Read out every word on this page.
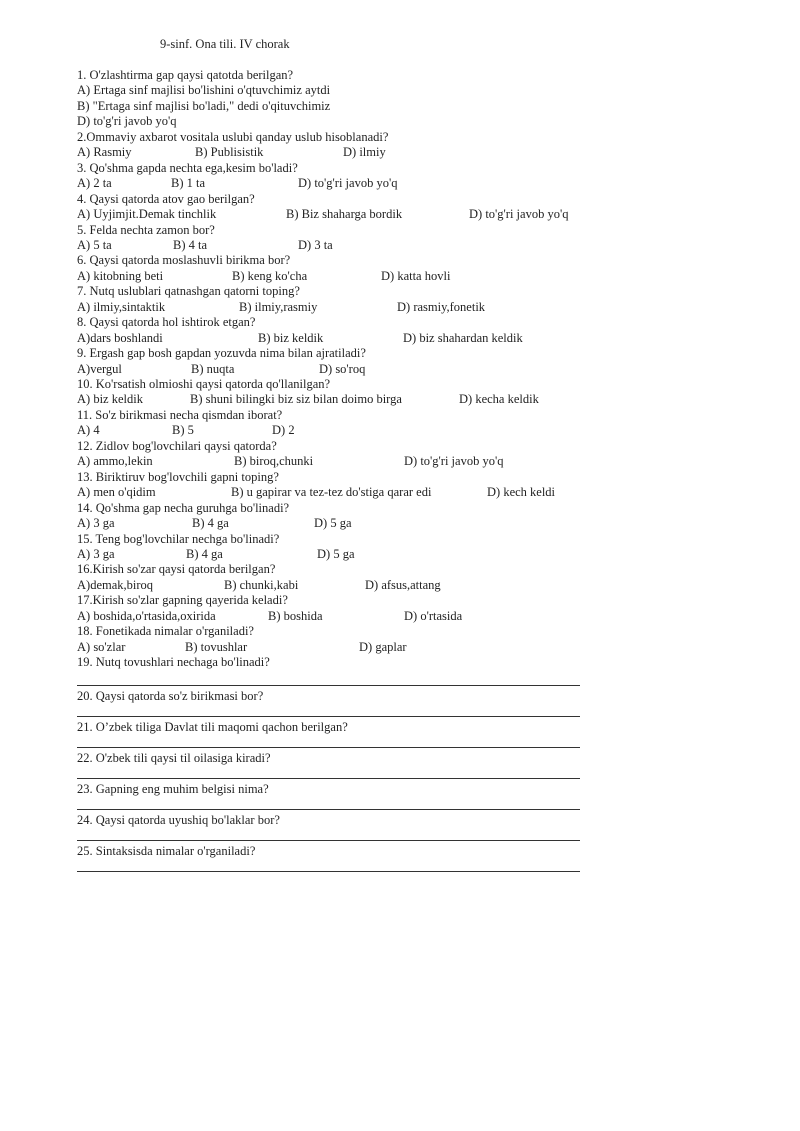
9-sinf. Ona tili. IV chorak
1. O'zlashtirma gap qaysi qatotda berilgan?
A) Ertaga sinf majlisi bo'lishini o'qtuvchimiz aytdi
B) "Ertaga sinf majlisi bo'ladi," dedi o'qituvchimiz
D) to'g'ri javob yo'q
2.Ommaviy axbarot vositala uslubi qanday uslub hisoblanadi?
A) Rasmiy	B) Publisistik	D) ilmiy
3. Qo'shma gapda nechta ega,kesim bo'ladi?
A) 2 ta	B) 1 ta	D) to'g'ri javob yo'q
4. Qaysi qatorda atov gao berilgan?
A) Uyjimjit.Demak tinchlik	B) Biz shaharga bordik	D) to'g'ri javob yo'q
5. Felda nechta zamon bor?
A) 5 ta	B) 4 ta	D) 3 ta
6. Qaysi qatorda moslashuvli birikma bor?
A) kitobning beti	B) keng ko'cha	D) katta hovli
7. Nutq uslublari qatnashgan qatorni toping?
A) ilmiy,sintaktik	B) ilmiy,rasmiy	D) rasmiy,fonetik
8. Qaysi qatorda hol ishtirok etgan?
A)dars boshlandi	B) biz keldik	D) biz shahardan keldik
9. Ergash gap bosh gapdan yozuvda nima bilan ajratiladi?
A)vergul	B) nuqta	D) so'roq
10. Ko'rsatish olmioshi qaysi qatorda qo'llanilgan?
A) biz keldik	B) shuni bilingki biz siz bilan doimo birga	D) kecha keldik
11. So'z birikmasi necha qismdan iborat?
A) 4	B) 5	D) 2
12. Zidlov bog'lovchilari qaysi qatorda?
A) ammo,lekin	B) biroq,chunki	D) to'g'ri javob yo'q
13. Biriktiruv bog'lovchili gapni toping?
A) men o'qidim	B) u gapirar va tez-tez do'stiga qarar edi	D) kech keldi
14. Qo'shma gap necha guruhga bo'linadi?
A) 3 ga	B) 4 ga	D) 5 ga
15. Teng bog'lovchilar nechga bo'linadi?
A) 3 ga	B) 4 ga	D) 5 ga
16.Kirish so'zar qaysi qatorda berilgan?
A)demak,biroq	B) chunki,kabi	D) afsus,attang
17.Kirish so'zlar gapning qayerida keladi?
A) boshida,o'rtasida,oxirida	B) boshida	D) o'rtasida
18. Fonetikada nimalar o'rganiladi?
A) so'zlar	B) tovushlar	D) gaplar
19. Nutq tovushlari nechaga bo'linadi?
20. Qaysi qatorda so'z birikmasi bor?
21. O’zbek tiliga Davlat tili maqomi qachon berilgan?
22. O'zbek tili qaysi til oilasiga kiradi?
23. Gapning eng muhim belgisi nima?
24. Qaysi qatorda uyushiq bo'laklar bor?
25. Sintaksisda nimalar o'rganiladi?
